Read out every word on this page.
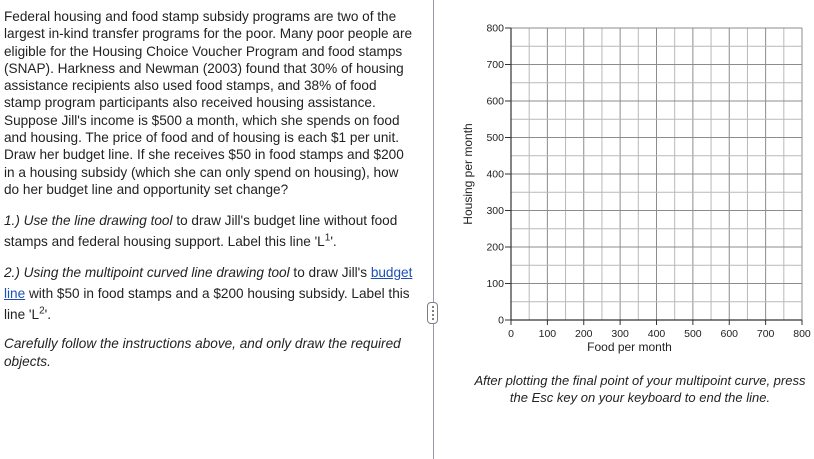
Federal housing and food stamp subsidy programs are two of the largest in-kind transfer programs for the poor. Many poor people are eligible for the Housing Choice Voucher Program and food stamps (SNAP). Harkness and Newman (2003) found that 30% of housing assistance recipients also used food stamps, and 38% of food stamp program participants also received housing assistance. Suppose Jill's income is $500 a month, which she spends on food and housing. The price of food and of housing is each $1 per unit. Draw her budget line. If she receives $50 in food stamps and $200 in a housing subsidy (which she can only spend on housing), how do her budget line and opportunity set change?

1.) Use the line drawing tool to draw Jill's budget line without food stamps and federal housing support. Label this line '$L^1$'.

2.) Using the multipoint curved line drawing tool to draw Jill's budget line with $50 in food stamps and a $200 housing subsidy. Label this line '$L^2$'.

Carefully follow the instructions above, and only draw the required objects.
0
100
200
300
400
500
600
700
800
0 100 200 300 400 500 600 700 800
Food per month
Housing per month
After plotting the final point of your multipoint curve, press the Esc key on your keyboard to end the line.
